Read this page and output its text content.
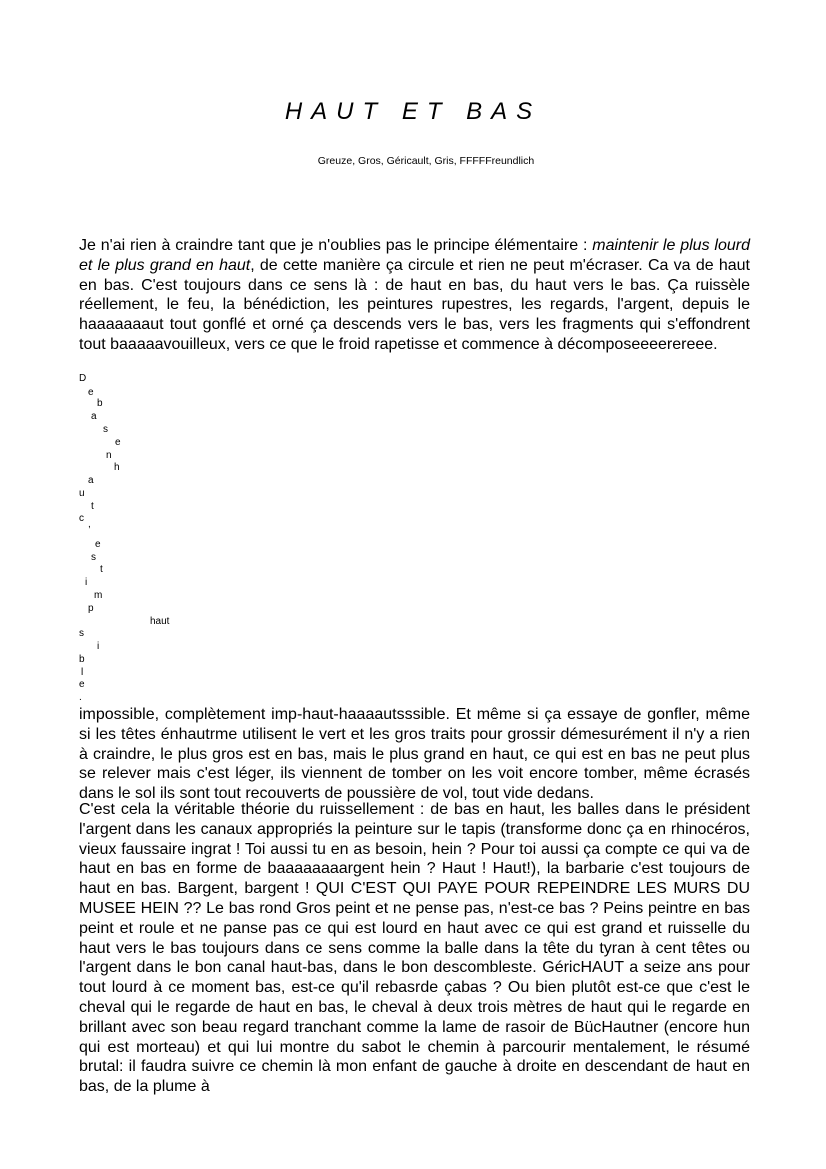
HAUT ET BAS
Greuze, Gros, Géricault, Gris, FFFFFreundlich

Je n'ai rien à craindre tant que je n'oublies pas le principe élémentaire : maintenir le plus lourd et le plus grand en haut, de cette manière ça circule et rien ne peut m'écraser. Ca va de haut en bas. C'est toujours dans ce sens là : de haut en bas, du haut vers le bas. Ça ruissèle réellement, le feu, la bénédiction, les peintures rupestres, les regards, l'argent, depuis le haaaaaaaut tout gonflé et orné ça descends vers le bas, vers les fragments qui s'effondrent tout baaaaavouilleux, vers ce que le froid rapetisse et commence à décomposeeeerereee.

D
e
b
a
s
e
n
h
a
u
t
c
,
e
s
t
i
m
p
haut
s
i
b
l
e
.

impossible, complètement imp-haut-haaaautsssible. Et même si ça essaye de gonfler, même si les têtes énhautrme utilisent le vert et les gros traits pour grossir démesurément il n'y a rien à craindre, le plus gros est en bas, mais le plus grand en haut, ce qui est en bas ne peut plus se relever mais c'est léger, ils viennent de tomber on les voit encore tomber, même écrasés dans le sol ils sont tout recouverts de poussière de vol, tout vide dedans.

C'est cela la véritable théorie du ruissellement : de bas en haut, les balles dans le président l'argent dans les canaux appropriés la peinture sur le tapis (transforme donc ça en rhinocéros, vieux faussaire ingrat ! Toi aussi tu en as besoin, hein ? Pour toi aussi ça compte ce qui va de haut en bas en forme de baaaaaaaargent hein ? Haut ! Haut!), la barbarie c'est toujours de haut en bas. Bargent, bargent ! QUI C'EST QUI PAYE POUR REPEINDRE LES MURS DU MUSEE HEIN ?? Le bas rond Gros peint et ne pense pas, n'est-ce bas ? Peins peintre en bas peint et roule et ne panse pas ce qui est lourd en haut avec ce qui est grand et ruisselle du haut vers le bas toujours dans ce sens comme la balle dans la tête du tyran à cent têtes ou l'argent dans le bon canal haut-bas, dans le bon descombleste. GéricHAUT a seize ans pour tout lourd à ce moment bas, est-ce qu'il rebasrde çabas ? Ou bien plutôt est-ce que c'est le cheval qui le regarde de haut en bas, le cheval à deux trois mètres de haut qui le regarde en brillant avec son beau regard tranchant comme la lame de rasoir de BücHautner (encore hun qui est morteau) et qui lui montre du sabot le chemin à parcourir mentalement, le résumé brutal: il faudra suivre ce chemin là mon enfant de gauche à droite en descendant de haut en bas, de la plume à
